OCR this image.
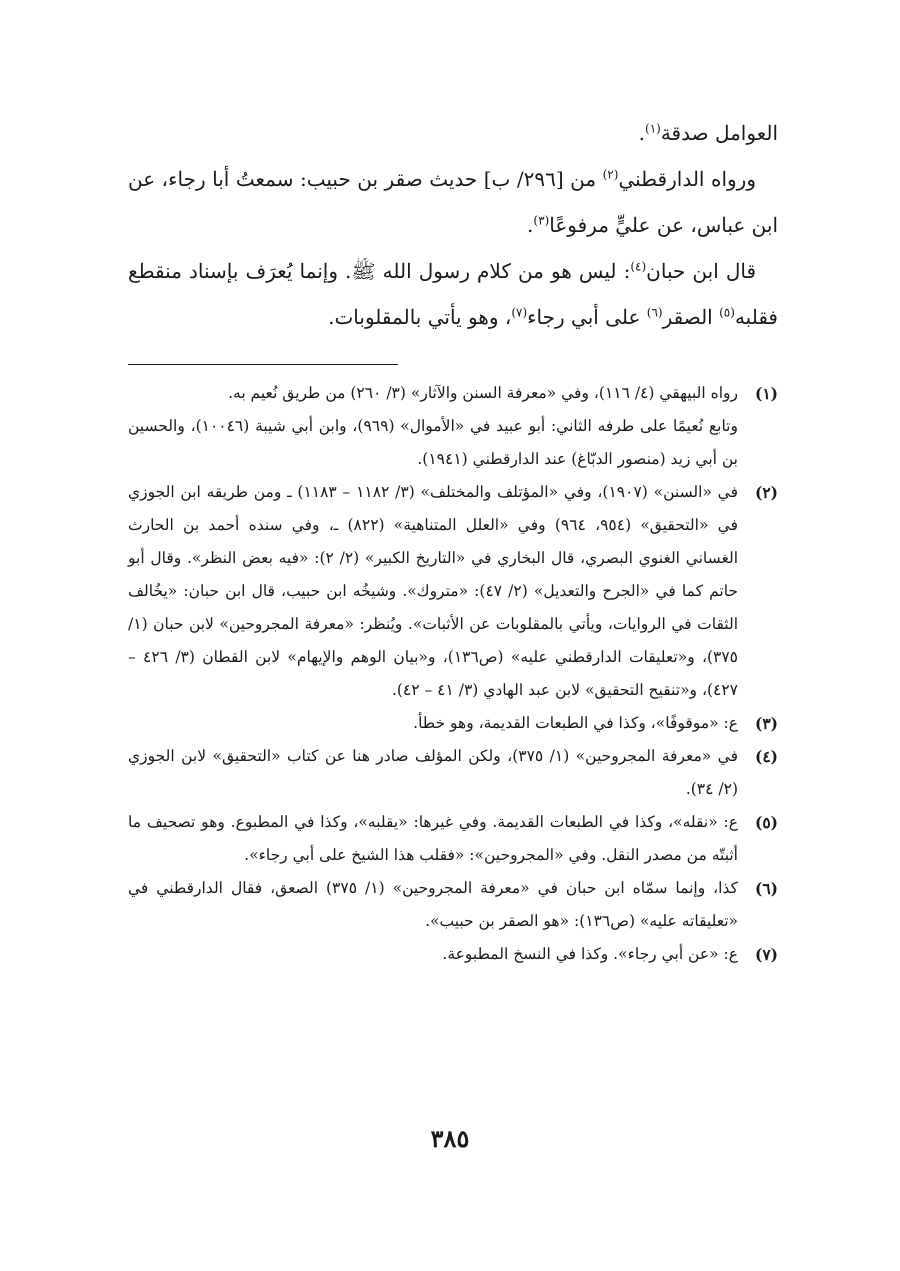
العوامل صدقة$^{(١)}$.

ورواه الدارقطني$^{(٢)}$ من [٢٩٦/ ب] حديث صقر بن حبيب: سمعتُ أبا رجاء، عن ابن عباس، عن عليٍّ مرفوعًا$^{(٣)}$.

قال ابن حبان$^{(٤)}$: ليس هو من كلام رسول الله ﷺ. وإنما يُعرَف بإسناد منقطع فقلبه$^{(٥)}$ الصقر$^{(٦)}$ على أبي رجاء$^{(٧)}$، وهو يأتي بالمقلوبات.

(١)
رواه البيهقي (٤/ ١١٦)، وفي «معرفة السنن والآثار» (٣/ ٢٦٠) من طريق نُعيم به.
وتابع نُعيمًا على طرفه الثاني: أبو عبيد في «الأموال» (٩٦٩)، وابن أبي شيبة (١٠٠٤٦)، والحسين بن أبي زيد (منصور الدبّاغ) عند الدارقطني (١٩٤١).
(٢)
في «السنن» (١٩٠٧)، وفي «المؤتلف والمختلف» (٣/ ١١٨٢ – ١١٨٣) ـ ومن طريقه ابن الجوزي في «التحقيق» (٩٥٤، ٩٦٤) وفي «العلل المتناهية» (٨٢٢) ـ، وفي سنده أحمد بن الحارث الغساني الغنوي البصري، قال البخاري في «التاريخ الكبير» (٢/ ٢): «فيه بعض النظر». وقال أبو حاتم كما في «الجرح والتعديل» (٢/ ٤٧): «متروك». وشيخُه ابن حبيب، قال ابن حبان: «يخُالف الثقات في الروايات، ويأتي بالمقلوبات عن الأثبات». ويُنظر: «معرفة المجروحين» لابن حبان (١/ ٣٧٥)، و«تعليقات الدارقطني عليه» (ص١٣٦)، و«بيان الوهم والإيهام» لابن القطان (٣/ ٤٢٦ – ٤٢٧)، و«تنقيح التحقيق» لابن عبد الهادي (٣/ ٤١ – ٤٢).
(٣)
ع: «موقوفًا»، وكذا في الطبعات القديمة، وهو خطأ.
(٤)
في «معرفة المجروحين» (١/ ٣٧٥)، ولكن المؤلف صادر هنا عن كتاب «التحقيق» لابن الجوزي (٢/ ٣٤).
(٥)
ع: «نقله»، وكذا في الطبعات القديمة. وفي غيرها: «يقلبه»، وكذا في المطبوع. وهو تصحيف ما أثبتّه من مصدر النقل. وفي «المجروحين»: «فقلب هذا الشيخ على أبي رجاء».
(٦)
كذا، وإنما سمّاه ابن حبان في «معرفة المجروحين» (١/ ٣٧٥) الصعق، فقال الدارقطني في «تعليقاته عليه» (ص١٣٦): «هو الصقر بن حبيب».
(٧)
ع: «عن أبي رجاء». وكذا في النسخ المطبوعة.
٣٨٥
